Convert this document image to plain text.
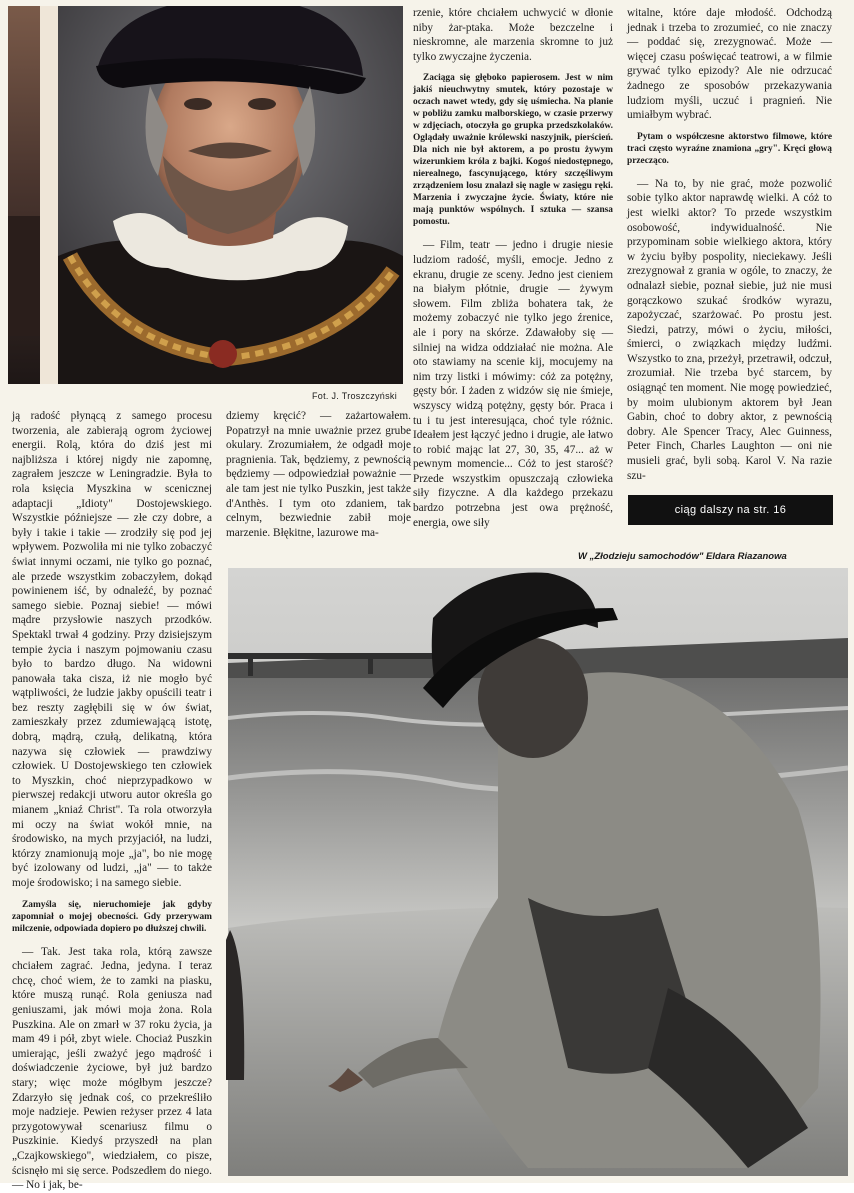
Fot. J. Troszczyński

rzenie, które chciałem uchwycić w dłonie niby żar-ptaka. Może bezczelne i nieskromne, ale marzenia skromne to już tylko zwyczajne życzenia.

Zaciąga się głęboko papierosem. Jest w nim jakiś nieuchwytny smutek, który pozostaje w oczach nawet wtedy, gdy się uśmiecha. Na planie w pobliżu zamku malborskiego, w czasie przerwy w zdjęciach, otoczyła go grupka przedszkolaków. Oglądały uważnie królewski naszyjnik, pierścień. Dla nich nie był aktorem, a po prostu żywym wizerunkiem króla z bajki. Kogoś niedostępnego, nierealnego, fascynującego, który szczęśliwym zrządzeniem losu znalazł się nagle w zasięgu ręki. Marzenia i zwyczajne życie. Światy, które nie mają punktów wspólnych. I sztuka — szansa pomostu.

— Film, teatr — jedno i drugie niesie ludziom radość, myśli, emocje. Jedno z ekranu, drugie ze sceny. Jedno jest cieniem na białym płótnie, drugie — żywym słowem. Film zbliża bohatera tak, że możemy zobaczyć nie tylko jego źrenice, ale i pory na skórze. Zdawałoby się — silniej na widza oddziałać nie można. Ale oto stawiamy na scenie kij, mocujemy na nim trzy listki i mówimy: cóż za potężny, gęsty bór. I żaden z widzów się nie śmieje, wszyscy widzą potężny, gęsty bór. Praca i tu i tu jest interesująca, choć tyle różnic. Ideałem jest łączyć jedno i drugie, ale łatwo to robić mając lat 27, 30, 35, 47... aż w pewnym momencie... Cóż to jest starość? Przede wszystkim opuszczają człowieka siły fizyczne. A dla każdego przekazu bardzo potrzebna jest owa prężność, energia, owe siły

witalne, które daje młodość. Odchodzą jednak i trzeba to zrozumieć, co nie znaczy — poddać się, zrezygnować. Może — więcej czasu poświęcać teatrowi, a w filmie grywać tylko epizody? Ale nie odrzucać żadnego ze sposobów przekazywania ludziom myśli, uczuć i pragnień. Nie umiałbym wybrać.

Pytam o współczesne aktorstwo filmowe, które traci często wyraźne znamiona „gry". Kręci głową przecząco.

— Na to, by nie grać, może pozwolić sobie tylko aktor naprawdę wielki. A cóż to jest wielki aktor? To przede wszystkim osobowość, indywidualność. Nie przypominam sobie wielkiego aktora, który w życiu byłby pospolity, nieciekawy. Jeśli zrezygnował z grania w ogóle, to znaczy, że odnalazł siebie, poznał siebie, już nie musi gorączkowo szukać środków wyrazu, zapożyczać, szarżować. Po prostu jest. Siedzi, patrzy, mówi o życiu, miłości, śmierci, o związkach między ludźmi. Wszystko to zna, przeżył, przetrawił, odczuł, zrozumiał. Nie trzeba być starcem, by osiągnąć ten moment. Nie mogę powiedzieć, by moim ulubionym aktorem był Jean Gabin, choć to dobry aktor, z pewnością dobry. Ale Spencer Tracy, Alec Guinness, Peter Finch, Charles Laughton — oni nie musieli grać, byli sobą. Karol V. Na razie szu-

ciąg dalszy na str. 16

ją radość płynącą z samego procesu tworzenia, ale zabierają ogrom życiowej energii. Rolą, która do dziś jest mi najbliższa i której nigdy nie zapomnę, zagrałem jeszcze w Leningradzie. Była to rola księcia Myszkina w scenicznej adaptacji „Idioty" Dostojewskiego. Wszystkie późniejsze — złe czy dobre, a były i takie i takie — zrodziły się pod jej wpływem. Pozwoliła mi nie tylko zobaczyć świat innymi oczami, nie tylko go poznać, ale przede wszystkim zobaczyłem, dokąd powinienem iść, by odnaleźć, by poznać samego siebie. Poznaj siebie! — mówi mądre przysłowie naszych przodków. Spektakl trwał 4 godziny. Przy dzisiejszym tempie życia i naszym pojmowaniu czasu było to bardzo długo. Na widowni panowała taka cisza, iż nie mogło być wątpliwości, że ludzie jakby opuścili teatr i bez reszty zagłębili się w ów świat, zamieszkały przez zdumiewającą istotę, dobrą, mądrą, czułą, delikatną, która nazywa się człowiek — prawdziwy człowiek. U Dostojewskiego ten człowiek to Myszkin, choć nieprzypadkowo w pierwszej redakcji utworu autor określa go mianem „kniaź Christ". Ta rola otworzyła mi oczy na świat wokół mnie, na środowisko, na mych przyjaciół, na ludzi, którzy znamionują moje „ja", bo nie mogę być izolowany od ludzi, „ja" — to także moje środowisko; i na samego siebie.

Zamyśla się, nieruchomieje jak gdyby zapomniał o mojej obecności. Gdy przerywam milczenie, odpowiada dopiero po dłuższej chwili.

— Tak. Jest taka rola, którą zawsze chciałem zagrać. Jedna, jedyna. I teraz chcę, choć wiem, że to zamki na piasku, które muszą runąć. Rola geniusza nad geniuszami, jak mówi moja żona. Rola Puszkina. Ale on zmarł w 37 roku życia, ja mam 49 i pół, zbyt wiele. Chociaż Puszkin umierając, jeśli zważyć jego mądrość i doświadczenie życiowe, był już bardzo stary; więc może mógłbym jeszcze? Zdarzyło się jednak coś, co przekreśliło moje nadzieje. Pewien reżyser przez 4 lata przygotowywał scenariusz filmu o Puszkinie. Kiedyś przyszedł na plan „Czajkowskiego", wiedziałem, co pisze, ścisnęło mi się serce. Podszedłem do niego. — No i jak, be-

dziemy kręcić? — zażartowałem. Popatrzył na mnie uważnie przez grube okulary. Zrozumiałem, że odgadł moje pragnienia. Tak, będziemy, z pewnością będziemy — odpowiedział poważnie — ale tam jest nie tylko Puszkin, jest także d'Anthès. I tym oto zdaniem, tak celnym, bezwiednie zabił moje marzenie. Błękitne, lazurowe ma-

W „Złodzieju samochodów" Eldara Riazanowa
